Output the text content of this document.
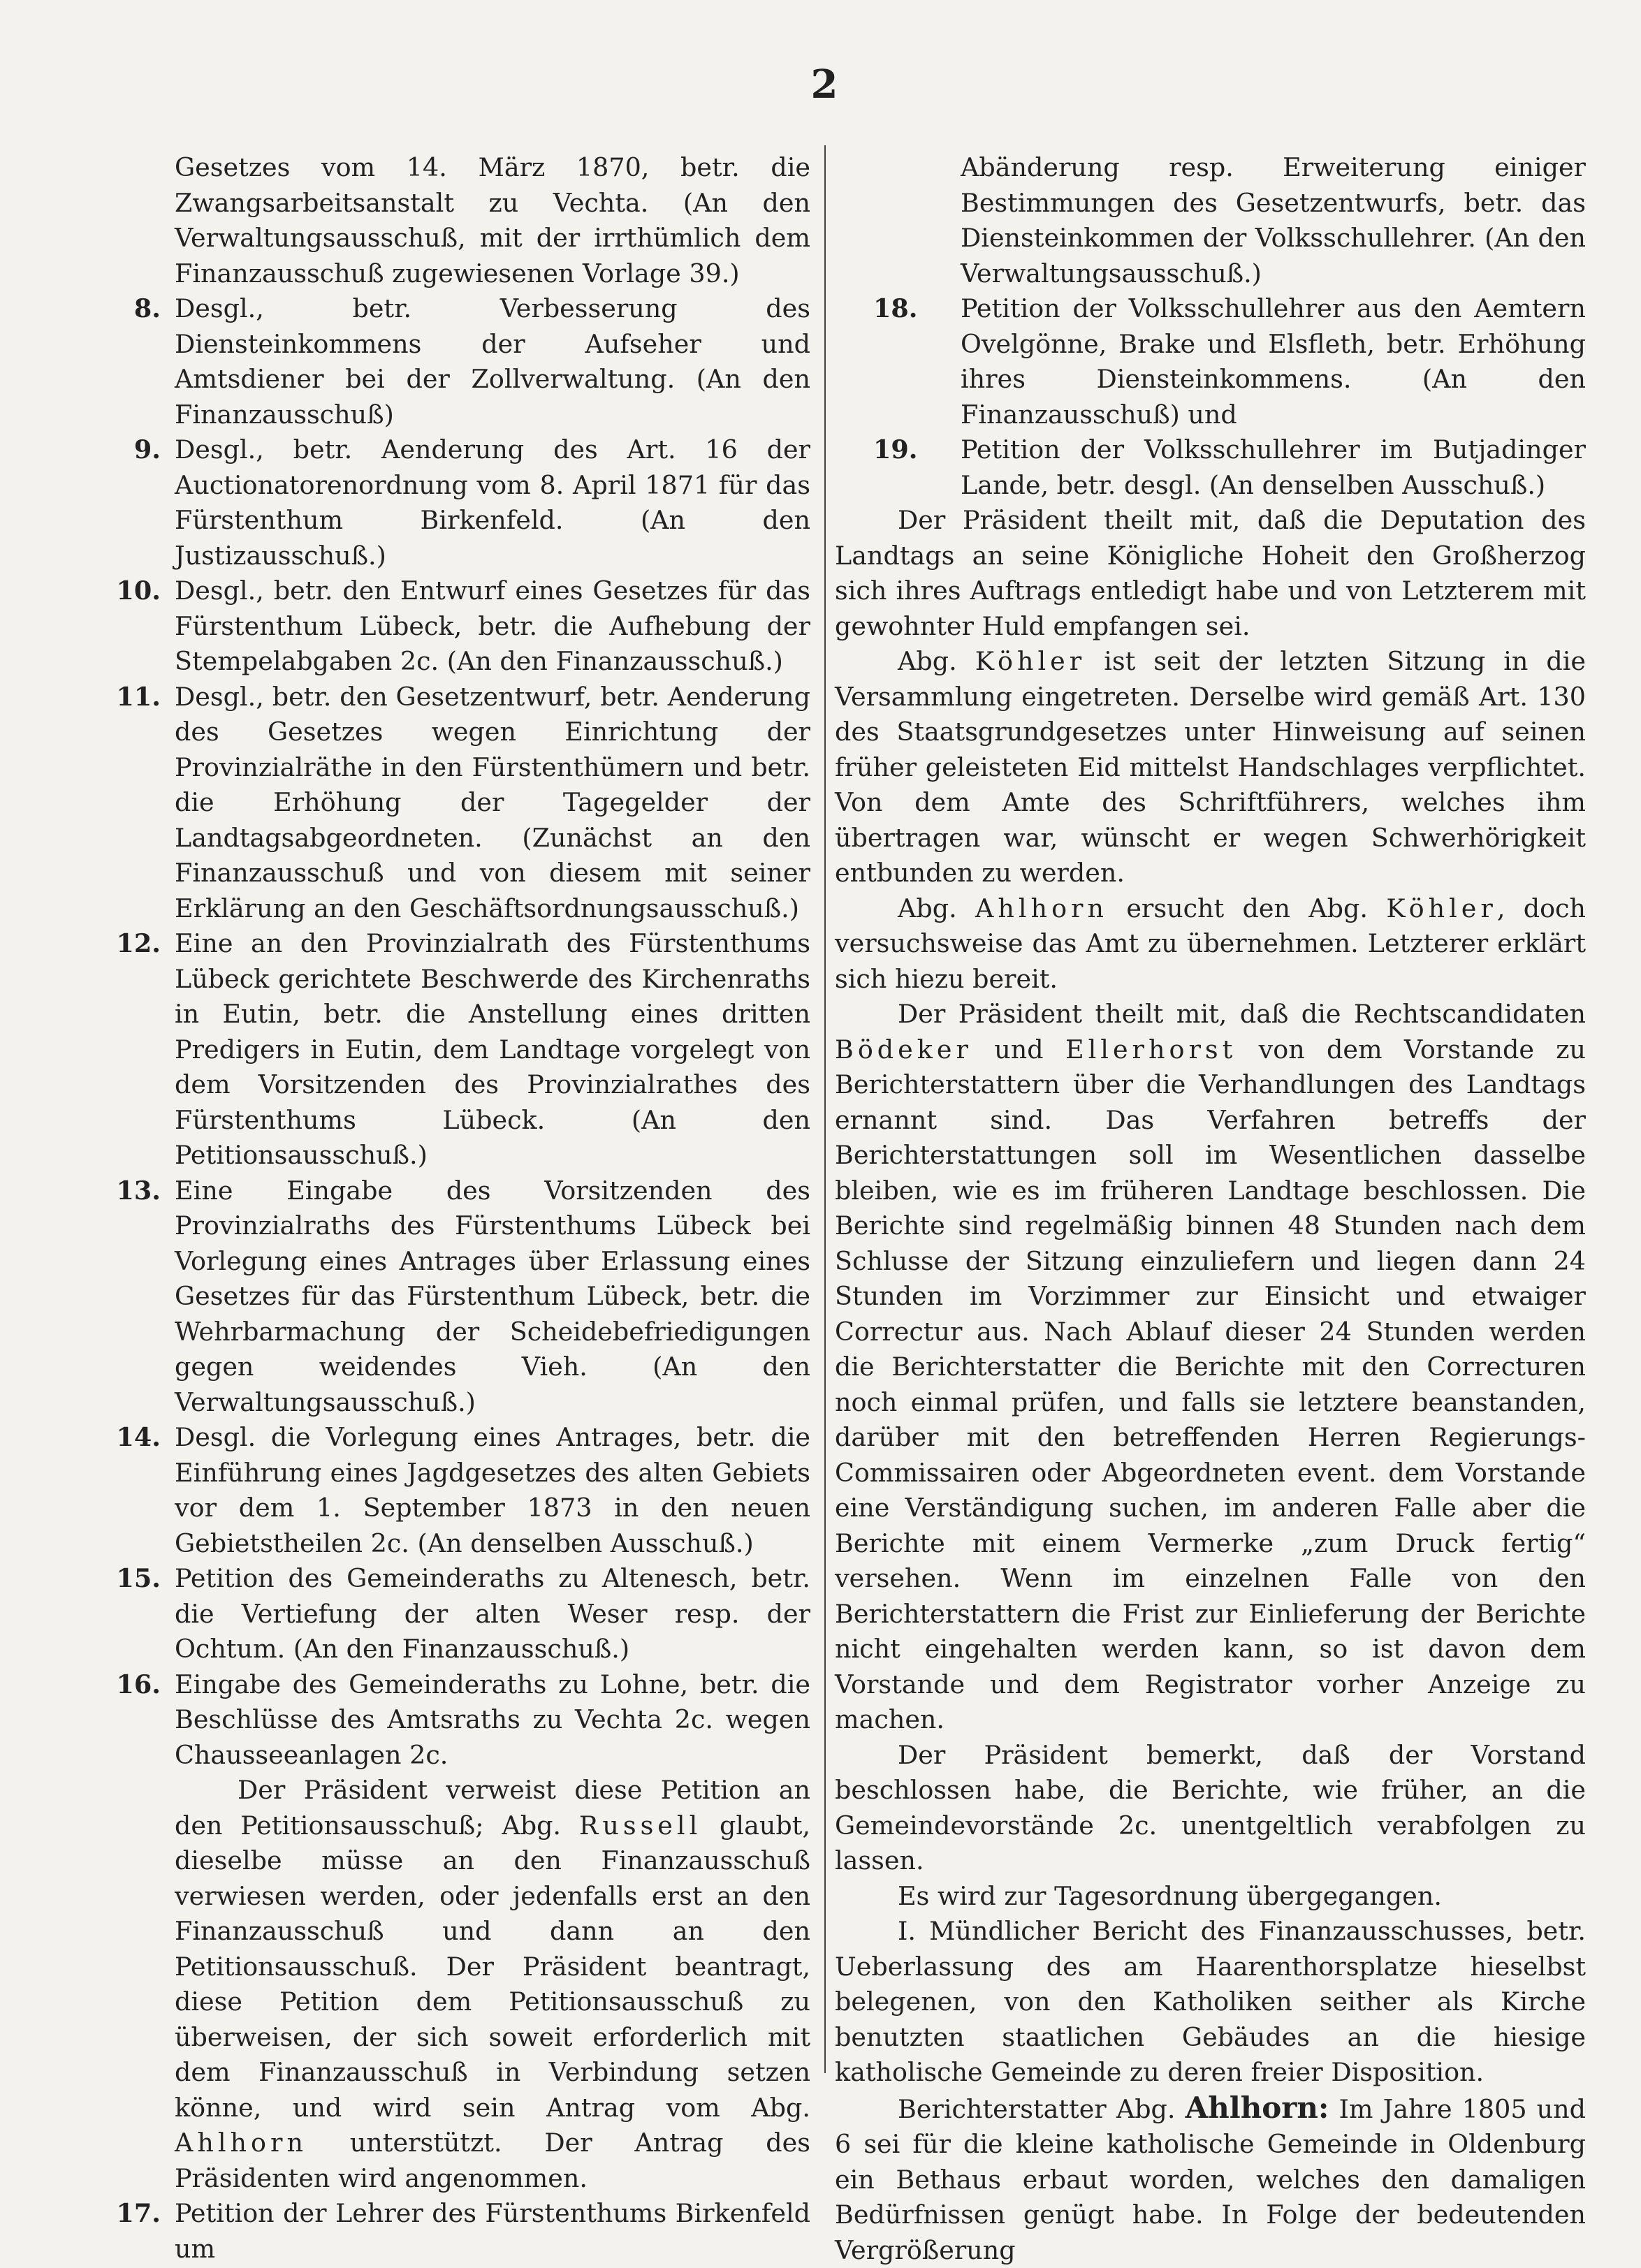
2

Gesetzes vom 14. März 1870, betr. die Zwangsarbeitsanstalt zu Vechta. (An den Verwaltungsausschuß, mit der irrthümlich dem Finanzausschuß zugewiesenen Vorlage 39.)

8. Desgl., betr. Verbesserung des Diensteinkommens der Aufseher und Amtsdiener bei der Zollverwaltung. (An den Finanzausschuß)

9. Desgl., betr. Aenderung des Art. 16 der Auctionatorenordnung vom 8. April 1871 für das Fürstenthum Birkenfeld. (An den Justizausschuß.)

10. Desgl., betr. den Entwurf eines Gesetzes für das Fürstenthum Lübeck, betr. die Aufhebung der Stempelabgaben 2c. (An den Finanzausschuß.)

11. Desgl., betr. den Gesetzentwurf, betr. Aenderung des Gesetzes wegen Einrichtung der Provinzialräthe in den Fürstenthümern und betr. die Erhöhung der Tagegelder der Landtagsabgeordneten. (Zunächst an den Finanzausschuß und von diesem mit seiner Erklärung an den Geschäftsordnungsausschuß.)

12. Eine an den Provinzialrath des Fürstenthums Lübeck gerichtete Beschwerde des Kirchenraths in Eutin, betr. die Anstellung eines dritten Predigers in Eutin, dem Landtage vorgelegt von dem Vorsitzenden des Provinzialrathes des Fürstenthums Lübeck. (An den Petitionsausschuß.)

13. Eine Eingabe des Vorsitzenden des Provinzialraths des Fürstenthums Lübeck bei Vorlegung eines Antrages über Erlassung eines Gesetzes für das Fürstenthum Lübeck, betr. die Wehrbarmachung der Scheidebefriedigungen gegen weidendes Vieh. (An den Verwaltungsausschuß.)

14. Desgl. die Vorlegung eines Antrages, betr. die Einführung eines Jagdgesetzes des alten Gebiets vor dem 1. September 1873 in den neuen Gebietstheilen 2c. (An denselben Ausschuß.)

15. Petition des Gemeinderaths zu Altenesch, betr. die Vertiefung der alten Weser resp. der Ochtum. (An den Finanzausschuß.)

16. Eingabe des Gemeinderaths zu Lohne, betr. die Beschlüsse des Amtsraths zu Vechta 2c. wegen Chausseeanlagen 2c.

Der Präsident verweist diese Petition an den Petitionsausschuß; Abg. Russell glaubt, dieselbe müsse an den Finanzausschuß verwiesen werden, oder jedenfalls erst an den Finanzausschuß und dann an den Petitionsausschuß. Der Präsident beantragt, diese Petition dem Petitionsausschuß zu überweisen, der sich soweit erforderlich mit dem Finanzausschuß in Verbindung setzen könne, und wird sein Antrag vom Abg. Ahlhorn unterstützt. Der Antrag des Präsidenten wird angenommen.

17. Petition der Lehrer des Fürstenthums Birkenfeld um

Abänderung resp. Erweiterung einiger Bestimmungen des Gesetzentwurfs, betr. das Diensteinkommen der Volksschullehrer. (An den Verwaltungsausschuß.)

18.	Petition der Volksschullehrer aus den Aemtern Ovelgönne, Brake und Elsfleth, betr. Erhöhung ihres Diensteinkommens. (An den Finanzausschuß) und

19.	Petition der Volksschullehrer im Butjadinger Lande, betr. desgl. (An denselben Ausschuß.)

Der Präsident theilt mit, daß die Deputation des Landtags an seine Königliche Hoheit den Großherzog sich ihres Auftrags entledigt habe und von Letzterem mit gewohnter Huld empfangen sei.

Abg. Köhler ist seit der letzten Sitzung in die Versammlung eingetreten. Derselbe wird gemäß Art. 130 des Staatsgrundgesetzes unter Hinweisung auf seinen früher geleisteten Eid mittelst Handschlages verpflichtet. Von dem Amte des Schriftführers, welches ihm übertragen war, wünscht er wegen Schwerhörigkeit entbunden zu werden.

Abg. Ahlhorn ersucht den Abg. Köhler, doch versuchsweise das Amt zu übernehmen. Letzterer erklärt sich hiezu bereit.

Der Präsident theilt mit, daß die Rechtscandidaten Bödeker und Ellerhorst von dem Vorstande zu Berichterstattern über die Verhandlungen des Landtags ernannt sind. Das Verfahren betreffs der Berichterstattungen soll im Wesentlichen dasselbe bleiben, wie es im früheren Landtage beschlossen. Die Berichte sind regelmäßig binnen 48 Stunden nach dem Schlusse der Sitzung einzuliefern und liegen dann 24 Stunden im Vorzimmer zur Einsicht und etwaiger Correctur aus. Nach Ablauf dieser 24 Stunden werden die Berichterstatter die Berichte mit den Correcturen noch einmal prüfen, und falls sie letztere beanstanden, darüber mit den betreffenden Herren Regierungs-Commissairen oder Abgeordneten event. dem Vorstande eine Verständigung suchen, im anderen Falle aber die Berichte mit einem Vermerke „zum Druck fertig“ versehen. Wenn im einzelnen Falle von den Berichterstattern die Frist zur Einlieferung der Berichte nicht eingehalten werden kann, so ist davon dem Vorstande und dem Registrator vorher Anzeige zu machen.

Der Präsident bemerkt, daß der Vorstand beschlossen habe, die Berichte, wie früher, an die Gemeindevorstände 2c. unentgeltlich verabfolgen zu lassen.

Es wird zur Tagesordnung übergegangen.

I. Mündlicher Bericht des Finanzausschusses, betr. Ueberlassung des am Haarenthorsplatze hieselbst belegenen, von den Katholiken seither als Kirche benutzten staatlichen Gebäudes an die hiesige katholische Gemeinde zu deren freier Disposition.

Berichterstatter Abg. Ahlhorn: Im Jahre 1805 und 6 sei für die kleine katholische Gemeinde in Oldenburg ein Bethaus erbaut worden, welches den damaligen Bedürfnissen genügt habe. In Folge der bedeutenden Vergrößerung
